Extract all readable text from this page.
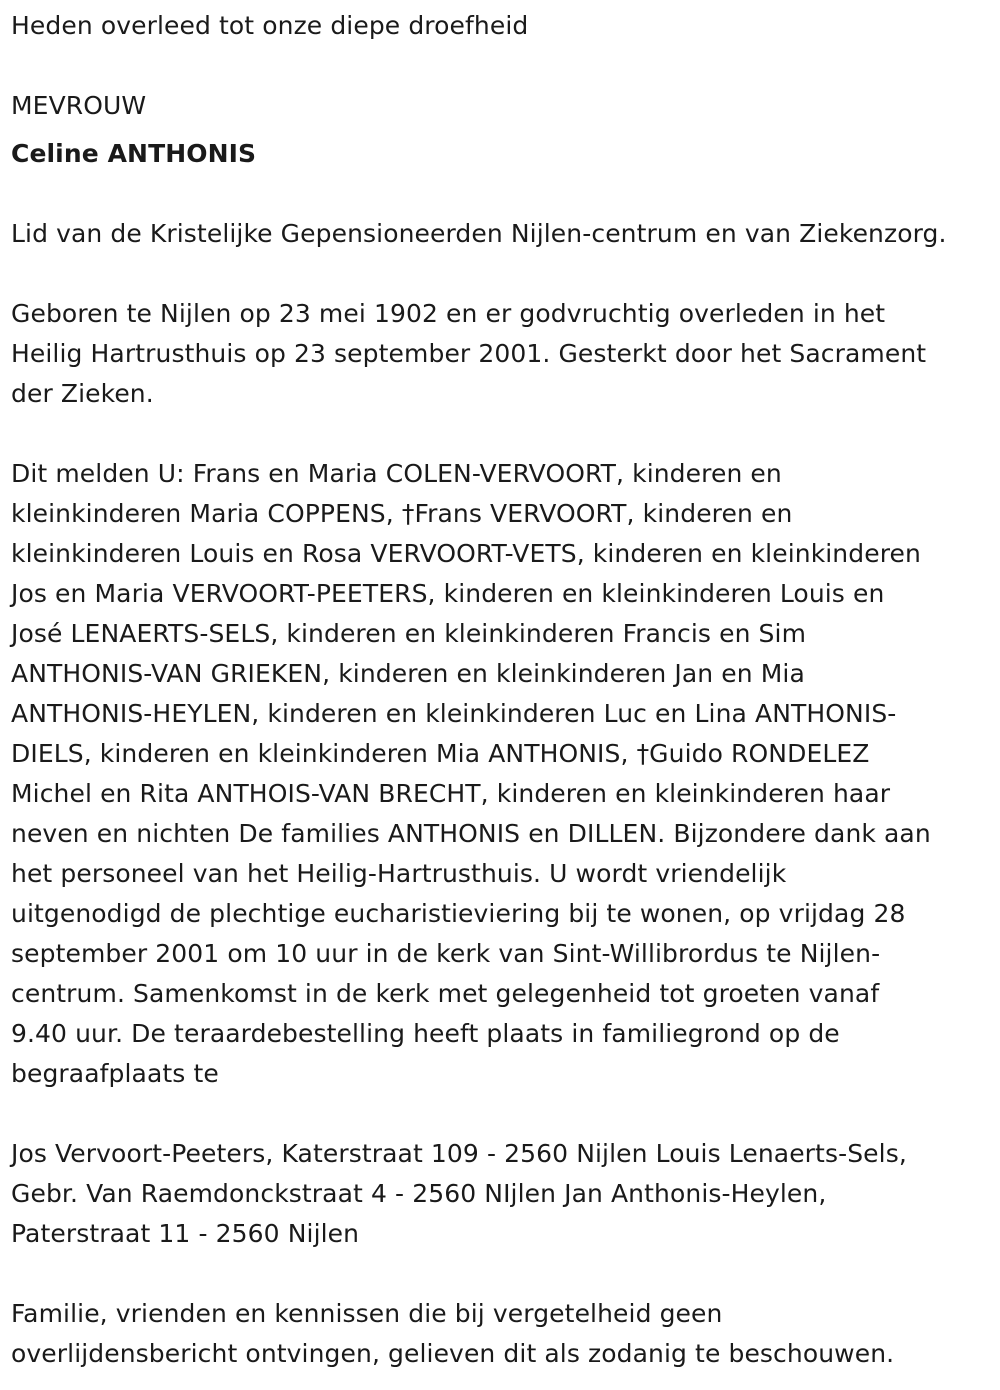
Heden overleed tot onze diepe droefheid

MEVROUW

Celine ANTHONIS

Lid van de Kristelijke Gepensioneerden Nijlen-centrum en van Ziekenzorg.

Geboren te Nijlen op 23 mei 1902 en er godvruchtig overleden in het

Heilig Hartrusthuis op 23 september 2001. Gesterkt door het Sacrament

der Zieken.

Dit melden U: Frans en Maria COLEN-VERVOORT, kinderen en

kleinkinderen Maria COPPENS, †Frans VERVOORT, kinderen en

kleinkinderen Louis en Rosa VERVOORT-VETS, kinderen en kleinkinderen

Jos en Maria VERVOORT-PEETERS, kinderen en kleinkinderen Louis en

José LENAERTS-SELS, kinderen en kleinkinderen Francis en Sim

ANTHONIS-VAN GRIEKEN, kinderen en kleinkinderen Jan en Mia

ANTHONIS-HEYLEN, kinderen en kleinkinderen Luc en Lina ANTHONIS-

DIELS, kinderen en kleinkinderen Mia ANTHONIS, †Guido RONDELEZ

Michel en Rita ANTHOIS-VAN BRECHT, kinderen en kleinkinderen haar

neven en nichten De families ANTHONIS en DILLEN. Bijzondere dank aan

het personeel van het Heilig-Hartrusthuis. U wordt vriendelijk

uitgenodigd de plechtige eucharistieviering bij te wonen, op vrijdag 28

september 2001 om 10 uur in de kerk van Sint-Willibrordus te Nijlen-

centrum. Samenkomst in de kerk met gelegenheid tot groeten vanaf

9.40 uur. De teraardebestelling heeft plaats in familiegrond op de

begraafplaats te

Jos Vervoort-Peeters, Katerstraat 109 - 2560 Nijlen Louis Lenaerts-Sels,

Gebr. Van Raemdonckstraat 4 - 2560 NIjlen Jan Anthonis-Heylen,

Paterstraat 11 - 2560 Nijlen

Familie, vrienden en kennissen die bij vergetelheid geen

overlijdensbericht ontvingen, gelieven dit als zodanig te beschouwen.
